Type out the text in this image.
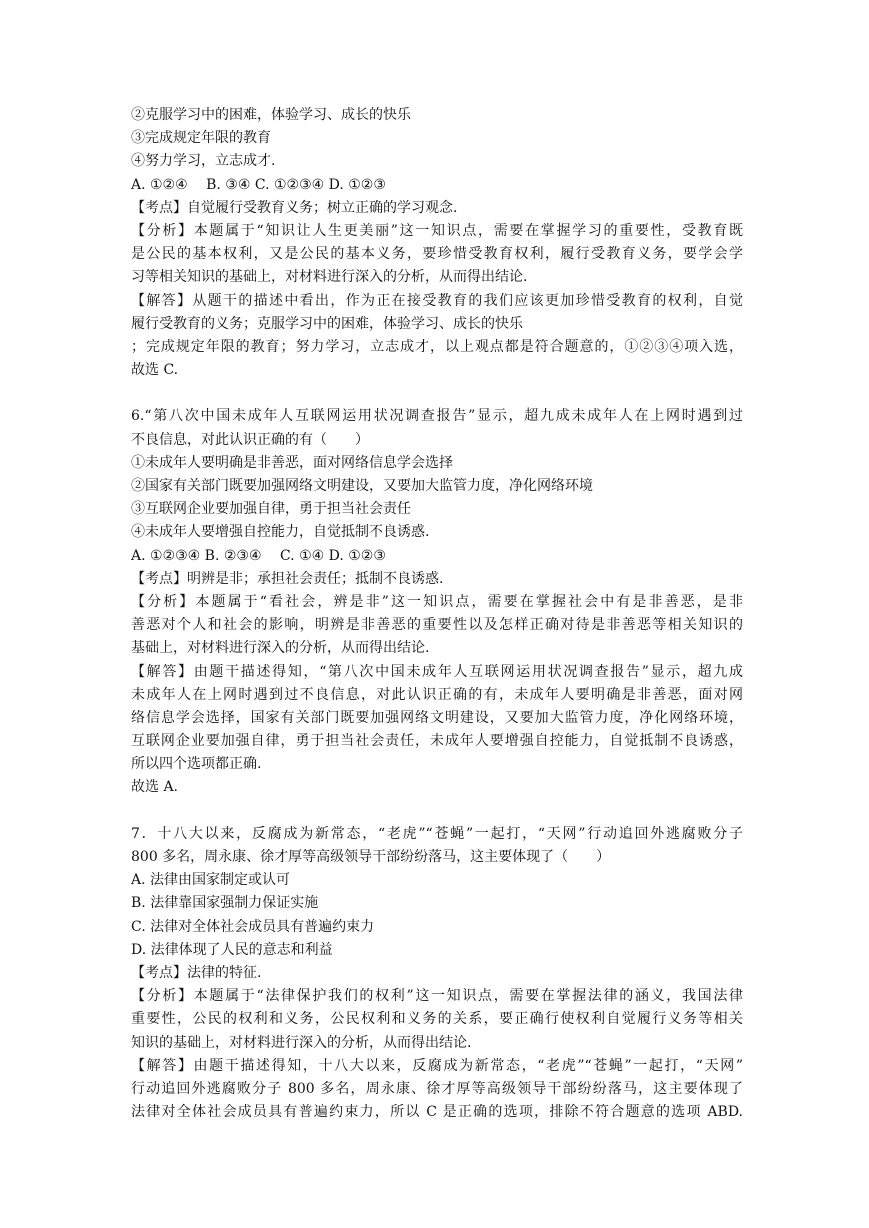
②克服学习中的困难，体验学习、成长的快乐
③完成规定年限的教育
④努力学习，立志成才.
A. ①②④　 B. ③④ C. ①②③④ D. ①②③
【考点】自觉履行受教育义务；树立正确的学习观念.
【分析】本题属于“知识让人生更美丽”这一知识点，需要在掌握学习的重要性，受教育既
是公民的基本权利，又是公民的基本义务，要珍惜受教育权利，履行受教育义务，要学会学
习等相关知识的基础上，对材料进行深入的分析，从而得出结论.
【解答】从题干的描述中看出，作为正在接受教育的我们应该更加珍惜受教育的权利，自觉
履行受教育的义务；克服学习中的困难，体验学习、成长的快乐
；完成规定年限的教育；努力学习，立志成才，以上观点都是符合题意的，①②③④项入选，
故选 C.
6.“第八次中国未成年人互联网运用状况调查报告”显示，超九成未成年人在上网时遇到过
不良信息，对此认识正确的有（　　）
①未成年人要明确是非善恶，面对网络信息学会选择
②国家有关部门既要加强网络文明建设，又要加大监管力度，净化网络环境
③互联网企业要加强自律，勇于担当社会责任
④未成年人要增强自控能力，自觉抵制不良诱惑.
A. ①②③④ B. ②③④　 C. ①④ D. ①②③
【考点】明辨是非；承担社会责任；抵制不良诱惑.
【分析】本题属于“看社会，辨是非”这一知识点，需要在掌握社会中有是非善恶，是非
善恶对个人和社会的影响，明辨是非善恶的重要性以及怎样正确对待是非善恶等相关知识的
基础上，对材料进行深入的分析，从而得出结论.
【解答】由题干描述得知，“第八次中国未成年人互联网运用状况调查报告”显示，超九成
未成年人在上网时遇到过不良信息，对此认识正确的有，未成年人要明确是非善恶，面对网
络信息学会选择，国家有关部门既要加强网络文明建设，又要加大监管力度，净化网络环境，
互联网企业要加强自律，勇于担当社会责任，未成年人要增强自控能力，自觉抵制不良诱惑，
所以四个选项都正确.
故选 A.
7．十八大以来，反腐成为新常态，“老虎”“苍蝇”一起打，“天网”行动追回外逃腐败分子
800 多名，周永康、徐才厚等高级领导干部纷纷落马，这主要体现了（　　）
A. 法律由国家制定或认可
B. 法律靠国家强制力保证实施
C. 法律对全体社会成员具有普遍约束力
D. 法律体现了人民的意志和利益
【考点】法律的特征.
【分析】本题属于“法律保护我们的权利”这一知识点，需要在掌握法律的涵义，我国法律
重要性，公民的权利和义务，公民权利和义务的关系，要正确行使权利自觉履行义务等相关
知识的基础上，对材料进行深入的分析，从而得出结论.
【解答】由题干描述得知，十八大以来，反腐成为新常态，“老虎”“苍蝇”一起打，“天网”
行动追回外逃腐败分子 800 多名，周永康、徐才厚等高级领导干部纷纷落马，这主要体现了
法律对全体社会成员具有普遍约束力，所以 C 是正确的选项，排除不符合题意的选项 ABD.
